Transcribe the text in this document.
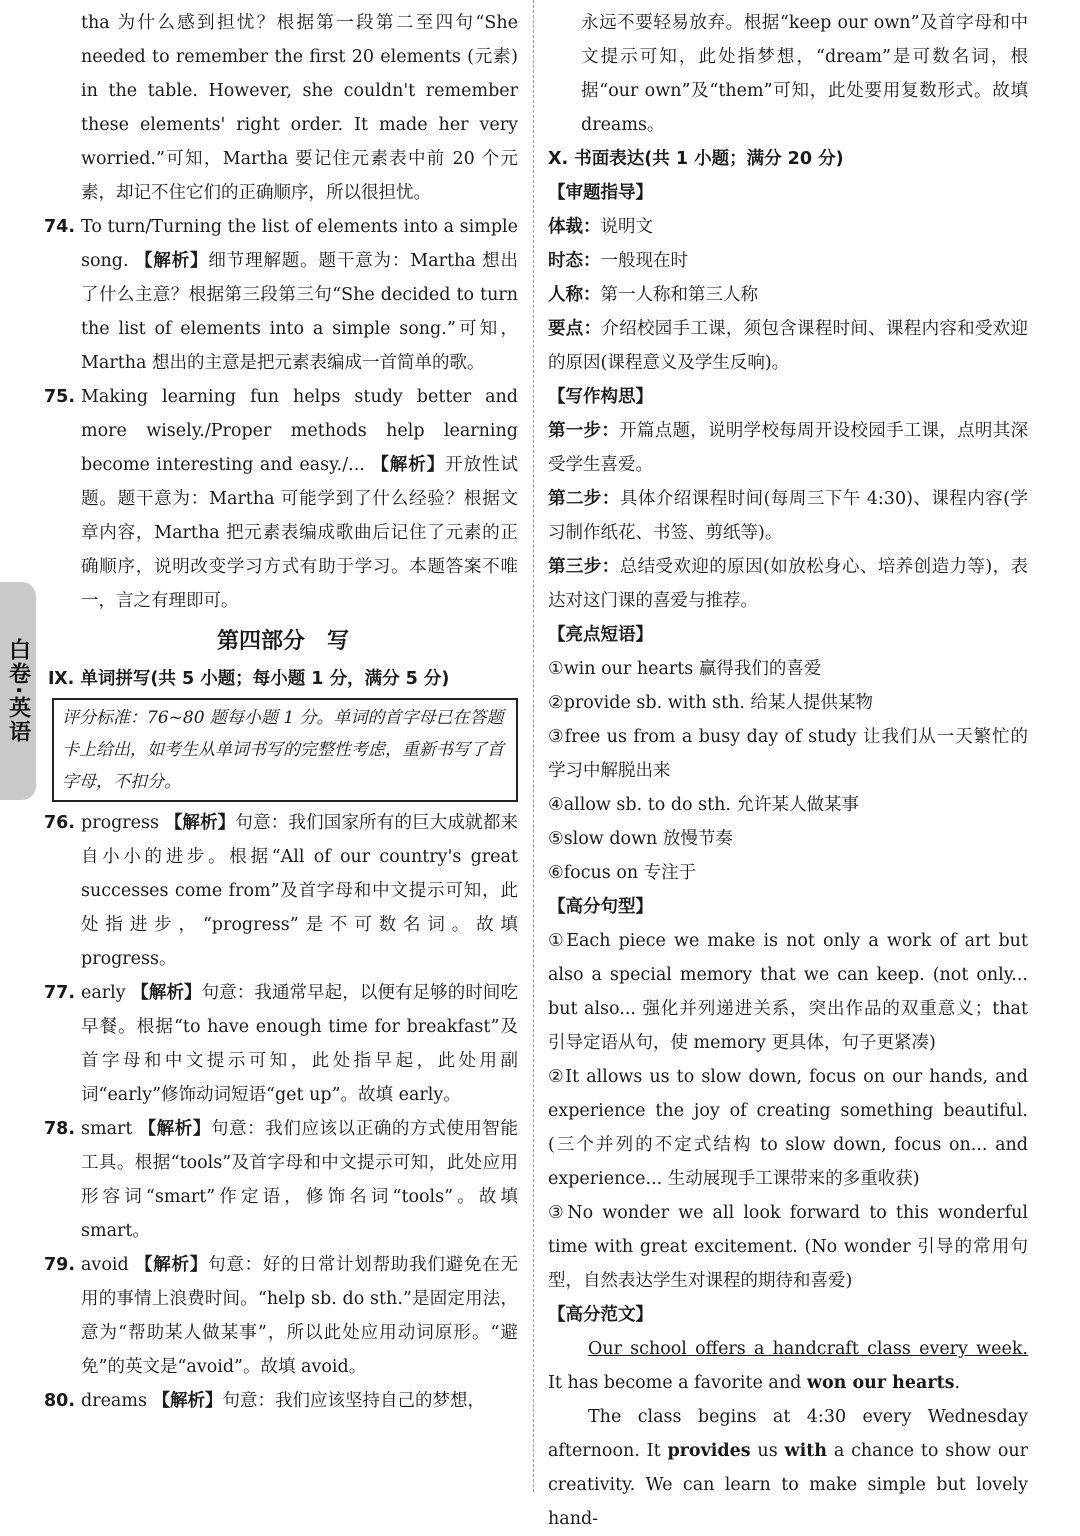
白卷·英语

tha 为什么感到担忧？根据第一段第二至四句“She needed to remember the first 20 elements (元素) in the table. However, she couldn't remember these elements' right order. It made her very worried.”可知，Martha 要记住元素表中前 20 个元素，却记不住它们的正确顺序，所以很担忧。

74. To turn/Turning the list of elements into a simple song. 【解析】细节理解题。题干意为：Martha 想出了什么主意？根据第三段第三句“She decided to turn the list of elements into a simple song.”可知，Martha 想出的主意是把元素表编成一首简单的歌。

75. Making learning fun helps study better and more wisely./Proper methods help learning become interesting and easy./... 【解析】开放性试题。题干意为：Martha 可能学到了什么经验？根据文章内容，Martha 把元素表编成歌曲后记住了元素的正确顺序，说明改变学习方式有助于学习。本题答案不唯一，言之有理即可。

第四部分　写

Ⅸ. 单词拼写(共 5 小题；每小题 1 分，满分 5 分)

评分标准：76~80 题每小题 1 分。单词的首字母已在答题卡上给出，如考生从单词书写的完整性考虑，重新书写了首字母，不扣分。

76. progress 【解析】句意：我们国家所有的巨大成就都来自小小的进步。根据“All of our country's great successes come from”及首字母和中文提示可知，此处指进步，“progress”是不可数名词。故填 progress。

77. early 【解析】句意：我通常早起，以便有足够的时间吃早餐。根据“to have enough time for breakfast”及首字母和中文提示可知，此处指早起，此处用副词“early”修饰动词短语“get up”。故填 early。

78. smart 【解析】句意：我们应该以正确的方式使用智能工具。根据“tools”及首字母和中文提示可知，此处应用形容词“smart”作定语，修饰名词“tools”。故填 smart。

79. avoid 【解析】句意：好的日常计划帮助我们避免在无用的事情上浪费时间。“help sb. do sth.”是固定用法，意为“帮助某人做某事”，所以此处应用动词原形。“避免”的英文是“avoid”。故填 avoid。

80. dreams 【解析】句意：我们应该坚持自己的梦想，

永远不要轻易放弃。根据“keep our own”及首字母和中文提示可知，此处指梦想，“dream”是可数名词，根据“our own”及“them”可知，此处要用复数形式。故填 dreams。

Ⅹ. 书面表达(共 1 小题；满分 20 分)

【审题指导】

体裁：说明文

时态：一般现在时

人称：第一人称和第三人称

要点：介绍校园手工课，须包含课程时间、课程内容和受欢迎的原因(课程意义及学生反响)。

【写作构思】

第一步：开篇点题，说明学校每周开设校园手工课，点明其深受学生喜爱。

第二步：具体介绍课程时间(每周三下午 4:30)、课程内容(学习制作纸花、书签、剪纸等)。

第三步：总结受欢迎的原因(如放松身心、培养创造力等)，表达对这门课的喜爱与推荐。

【亮点短语】

①win our hearts 赢得我们的喜爱

②provide sb. with sth. 给某人提供某物

③free us from a busy day of study 让我们从一天繁忙的学习中解脱出来

④allow sb. to do sth. 允许某人做某事

⑤slow down 放慢节奏

⑥focus on 专注于

【高分句型】

①Each piece we make is not only a work of art but also a special memory that we can keep. (not only... but also... 强化并列递进关系，突出作品的双重意义；that 引导定语从句，使 memory 更具体，句子更紧凑)

②It allows us to slow down, focus on our hands, and experience the joy of creating something beautiful. (三个并列的不定式结构 to slow down, focus on... and experience... 生动展现手工课带来的多重收获)

③No wonder we all look forward to this wonderful time with great excitement. (No wonder 引导的常用句型，自然表达学生对课程的期待和喜爱)

【高分范文】

Our school offers a handcraft class every week. It has become a favorite and won our hearts.

The class begins at 4:30 every Wednesday afternoon. It provides us with a chance to show our creativity. We can learn to make simple but lovely hand-
